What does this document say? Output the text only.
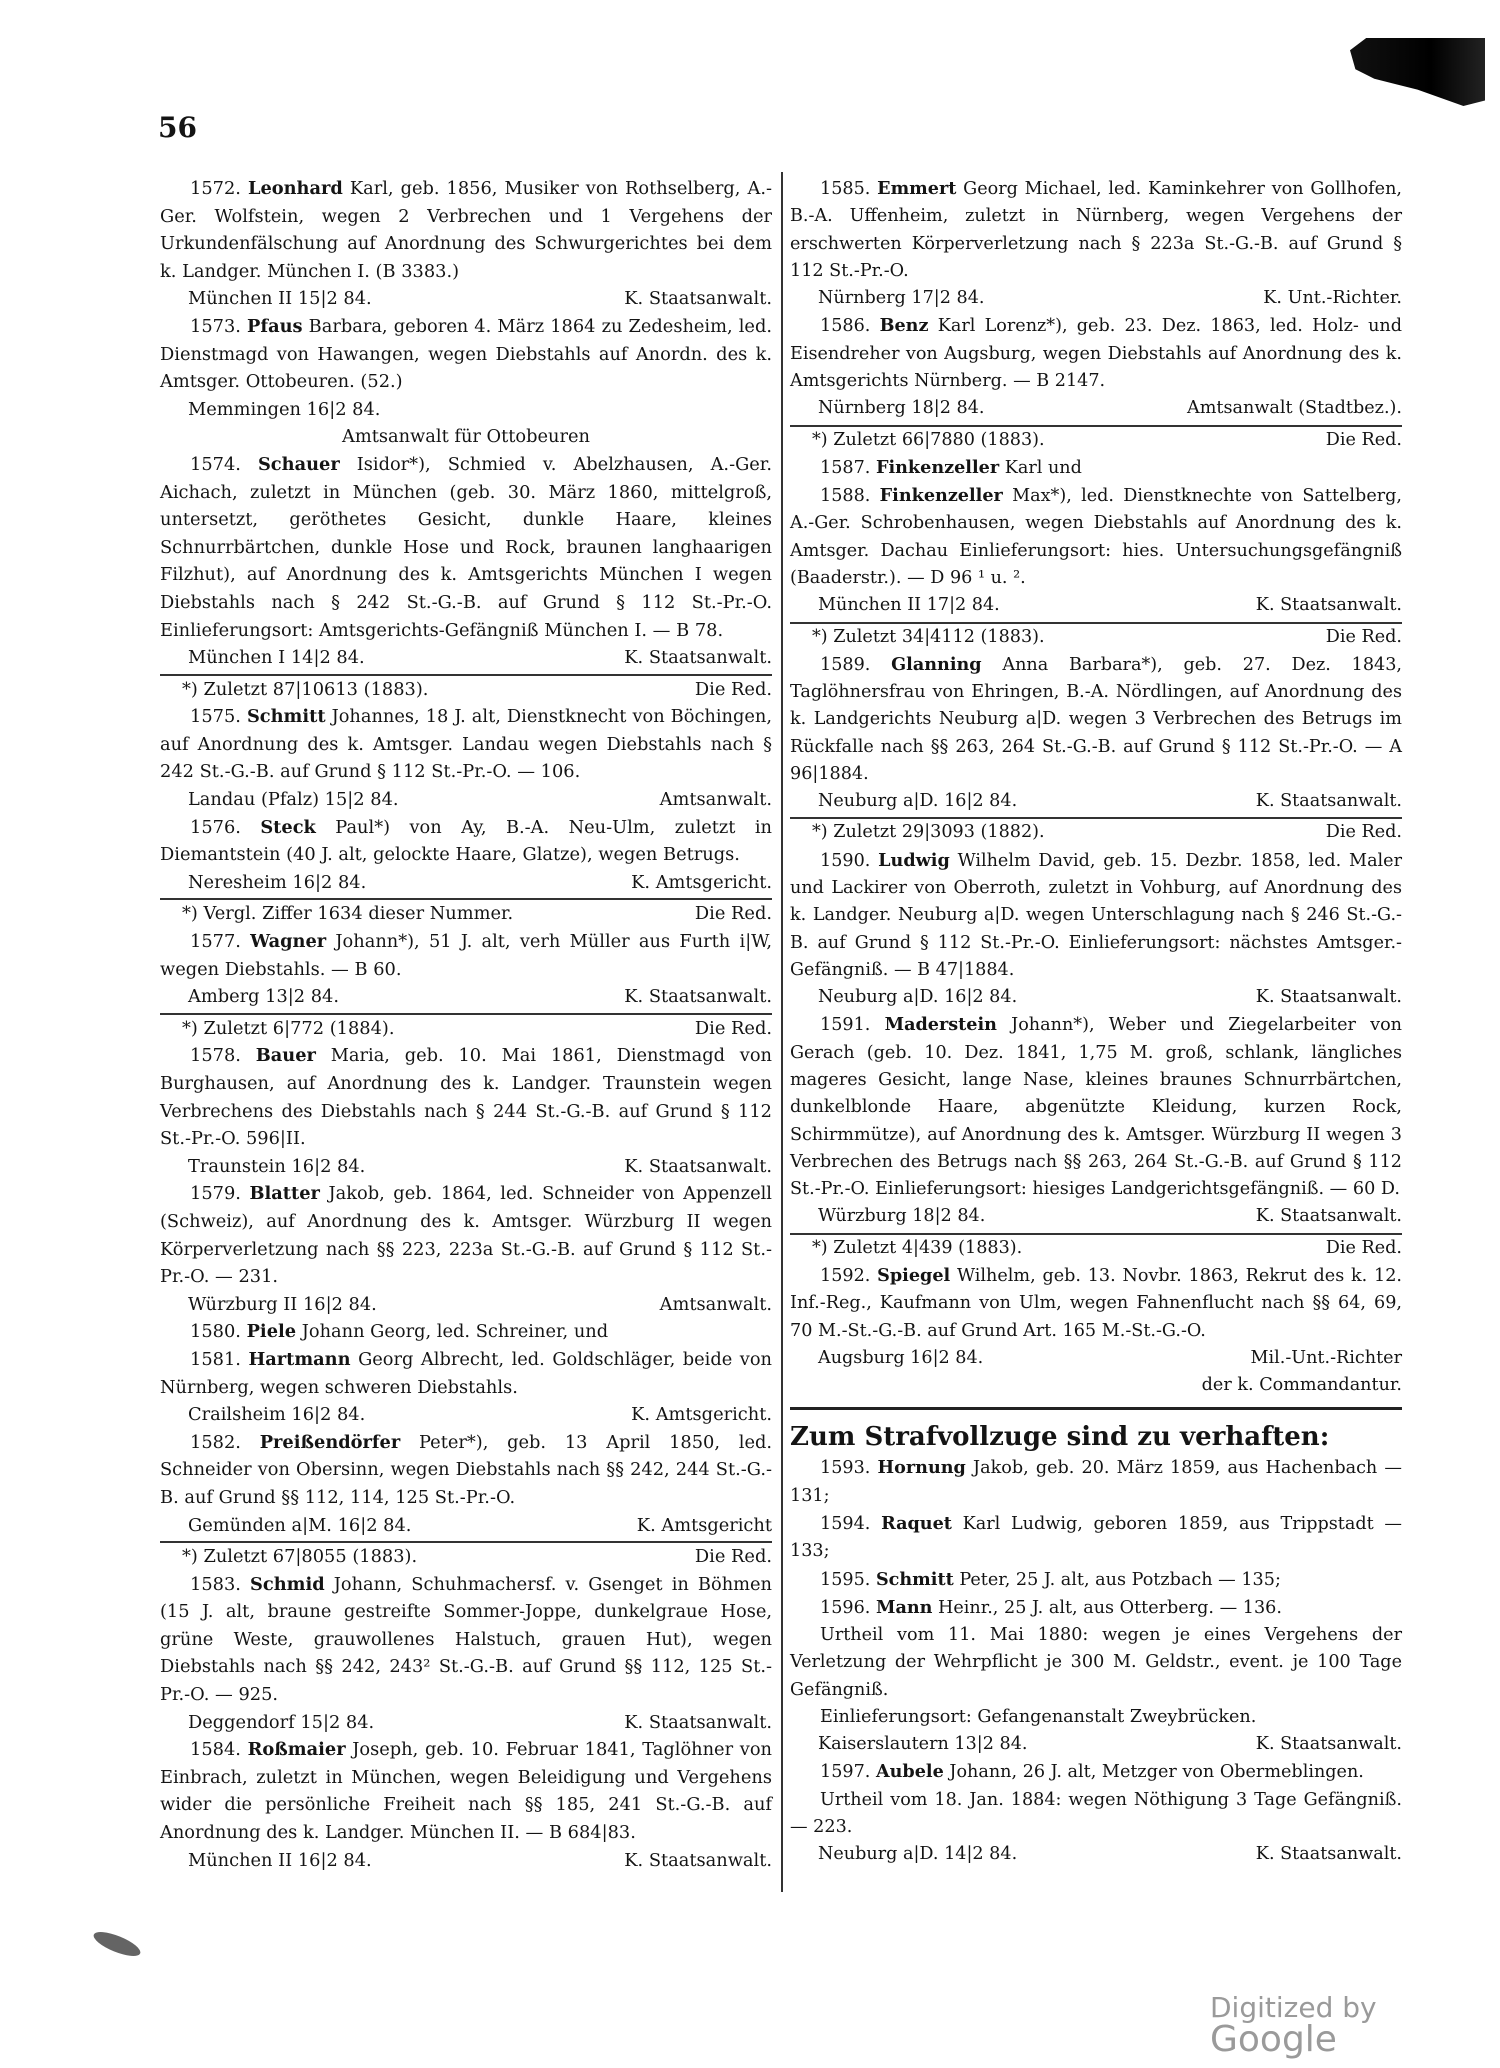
56

1572. Leonhard Karl, geb. 1856, Musiker von Rothselberg, A.-Ger. Wolfstein, wegen 2 Verbrechen und 1 Vergehens der Urkundenfälschung auf Anordnung des Schwurgerichtes bei dem k. Landger. München I. (B 3383.)

München II 15|2 84.	K. Staatsanwalt.

1573. Pfaus Barbara, geboren 4. März 1864 zu Zedesheim, led. Dienstmagd von Hawangen, wegen Diebstahls auf Anordn. des k. Amtsger. Ottobeuren. (52.)

Memmingen 16|2 84.
Amtsanwalt für Ottobeuren

1574. Schauer Isidor*), Schmied v. Abelzhausen, A.-Ger. Aichach, zuletzt in München (geb. 30. März 1860, mittelgroß, untersetzt, geröthetes Gesicht, dunkle Haare, kleines Schnurrbärtchen, dunkle Hose und Rock, braunen langhaarigen Filzhut), auf Anordnung des k. Amtsgerichts München I wegen Diebstahls nach § 242 St.-G.-B. auf Grund § 112 St.-Pr.-O. Einlieferungsort: Amtsgerichts-Gefängniß München I. — B 78.

München I 14|2 84.	K. Staatsanwalt.
*) Zuletzt 87|10613 (1883).	Die Red.

1575. Schmitt Johannes, 18 J. alt, Dienstknecht von Böchingen, auf Anordnung des k. Amtsger. Landau wegen Diebstahls nach § 242 St.-G.-B. auf Grund § 112 St.-Pr.-O. — 106.

Landau (Pfalz) 15|2 84.	Amtsanwalt.

1576. Steck Paul*) von Ay, B.-A. Neu-Ulm, zuletzt in Diemantstein (40 J. alt, gelockte Haare, Glatze), wegen Betrugs.

Neresheim 16|2 84.	K. Amtsgericht.
*) Vergl. Ziffer 1634 dieser Nummer.	Die Red.

1577. Wagner Johann*), 51 J. alt, verh Müller aus Furth i|W, wegen Diebstahls. — B 60.

Amberg 13|2 84.	K. Staatsanwalt.
*) Zuletzt 6|772 (1884).	Die Red.

1578. Bauer Maria, geb. 10. Mai 1861, Dienstmagd von Burghausen, auf Anordnung des k. Landger. Traunstein wegen Verbrechens des Diebstahls nach § 244 St.-G.-B. auf Grund § 112 St.-Pr.-O. 596|II.

Traunstein 16|2 84.	K. Staatsanwalt.

1579. Blatter Jakob, geb. 1864, led. Schneider von Appenzell (Schweiz), auf Anordnung des k. Amtsger. Würzburg II wegen Körperverletzung nach §§ 223, 223a St.-G.-B. auf Grund § 112 St.-Pr.-O. — 231.

Würzburg II 16|2 84.	Amtsanwalt.

1580. Piele Johann Georg, led. Schreiner, und

1581. Hartmann Georg Albrecht, led. Goldschläger, beide von Nürnberg, wegen schweren Diebstahls.

Crailsheim 16|2 84.	K. Amtsgericht.

1582. Preißendörfer Peter*), geb. 13 April 1850, led. Schneider von Obersinn, wegen Diebstahls nach §§ 242, 244 St.-G.-B. auf Grund §§ 112, 114, 125 St.-Pr.-O.

Gemünden a|M. 16|2 84.	K. Amtsgericht
*) Zuletzt 67|8055 (1883).	Die Red.

1583. Schmid Johann, Schuhmachersf. v. Gsenget in Böhmen (15 J. alt, braune gestreifte Sommer-Joppe, dunkelgraue Hose, grüne Weste, grauwollenes Halstuch, grauen Hut), wegen Diebstahls nach §§ 242, 243² St.-G.-B. auf Grund §§ 112, 125 St.-Pr.-O. — 925.

Deggendorf 15|2 84.	K. Staatsanwalt.

1584. Roßmaier Joseph, geb. 10. Februar 1841, Taglöhner von Einbrach, zuletzt in München, wegen Beleidigung und Vergehens wider die persönliche Freiheit nach §§ 185, 241 St.-G.-B. auf Anordnung des k. Landger. München II. — B 684|83.

München II 16|2 84.	K. Staatsanwalt.

1585. Emmert Georg Michael, led. Kaminkehrer von Gollhofen, B.-A. Uffenheim, zuletzt in Nürnberg, wegen Vergehens der erschwerten Körperverletzung nach § 223a St.-G.-B. auf Grund § 112 St.-Pr.-O.

Nürnberg 17|2 84.	K. Unt.-Richter.

1586. Benz Karl Lorenz*), geb. 23. Dez. 1863, led. Holz- und Eisendreher von Augsburg, wegen Diebstahls auf Anordnung des k. Amtsgerichts Nürnberg. — B 2147.

Nürnberg 18|2 84.	Amtsanwalt (Stadtbez.).
*) Zuletzt 66|7880 (1883).	Die Red.

1587. Finkenzeller Karl und

1588. Finkenzeller Max*), led. Dienstknechte von Sattelberg, A.-Ger. Schrobenhausen, wegen Diebstahls auf Anordnung des k. Amtsger. Dachau Einlieferungsort: hies. Untersuchungsgefängniß (Baaderstr.). — D 96 ¹ u. ².

München II 17|2 84.	K. Staatsanwalt.
*) Zuletzt 34|4112 (1883).	Die Red.

1589. Glanning Anna Barbara*), geb. 27. Dez. 1843, Taglöhnersfrau von Ehringen, B.-A. Nördlingen, auf Anordnung des k. Landgerichts Neuburg a|D. wegen 3 Verbrechen des Betrugs im Rückfalle nach §§ 263, 264 St.-G.-B. auf Grund § 112 St.-Pr.-O. — A 96|1884.

Neuburg a|D. 16|2 84.	K. Staatsanwalt.
*) Zuletzt 29|3093 (1882).	Die Red.

1590. Ludwig Wilhelm David, geb. 15. Dezbr. 1858, led. Maler und Lackirer von Oberroth, zuletzt in Vohburg, auf Anordnung des k. Landger. Neuburg a|D. wegen Unterschlagung nach § 246 St.-G.-B. auf Grund § 112 St.-Pr.-O. Einlieferungsort: nächstes Amtsger.-Gefängniß. — B 47|1884.

Neuburg a|D. 16|2 84.	K. Staatsanwalt.

1591. Maderstein Johann*), Weber und Ziegelarbeiter von Gerach (geb. 10. Dez. 1841, 1,75 M. groß, schlank, längliches mageres Gesicht, lange Nase, kleines braunes Schnurrbärtchen, dunkelblonde Haare, abgenützte Kleidung, kurzen Rock, Schirmmütze), auf Anordnung des k. Amtsger. Würzburg II wegen 3 Verbrechen des Betrugs nach §§ 263, 264 St.-G.-B. auf Grund § 112 St.-Pr.-O. Einlieferungsort: hiesiges Landgerichtsgefängniß. — 60 D.

Würzburg 18|2 84.	K. Staatsanwalt.
*) Zuletzt 4|439 (1883).	Die Red.

1592. Spiegel Wilhelm, geb. 13. Novbr. 1863, Rekrut des k. 12. Inf.-Reg., Kaufmann von Ulm, wegen Fahnenflucht nach §§ 64, 69, 70 M.-St.-G.-B. auf Grund Art. 165 M.-St.-G.-O.

Augsburg 16|2 84.	Mil.-Unt.-Richter
der k. Commandantur.
Zum Strafvollzuge sind zu verhaften:

1593. Hornung Jakob, geb. 20. März 1859, aus Hachenbach — 131;

1594. Raquet Karl Ludwig, geboren 1859, aus Trippstadt — 133;

1595. Schmitt Peter, 25 J. alt, aus Potzbach — 135;

1596. Mann Heinr., 25 J. alt, aus Otterberg. — 136.

Urtheil vom 11. Mai 1880: wegen je eines Vergehens der Verletzung der Wehrpflicht je 300 M. Geldstr., event. je 100 Tage Gefängniß.

Einlieferungsort: Gefangenanstalt Zweybrücken.

Kaiserslautern 13|2 84.	K. Staatsanwalt.

1597. Aubele Johann, 26 J. alt, Metzger von Obermeblingen.

Urtheil vom 18. Jan. 1884: wegen Nöthigung 3 Tage Gefängniß. — 223.

Neuburg a|D. 14|2 84.	K. Staatsanwalt.
Digitized by Google
